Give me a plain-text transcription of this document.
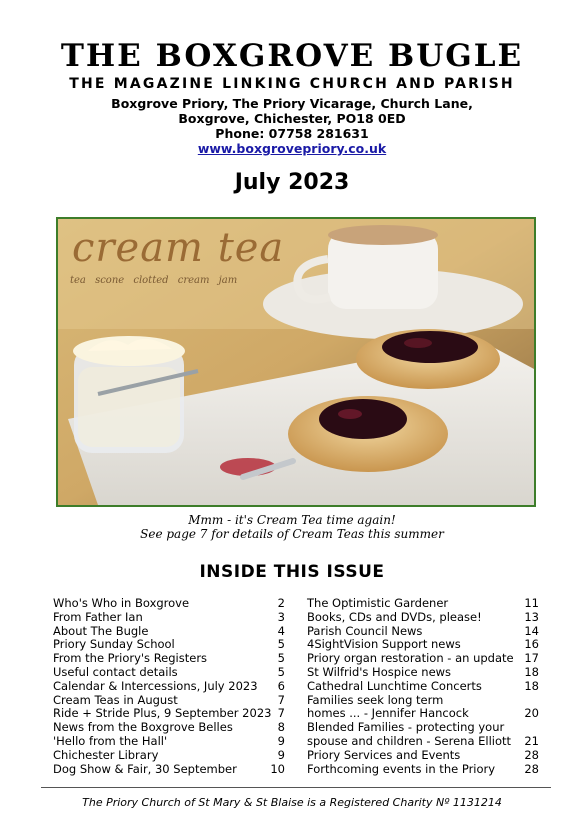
THE BOXGROVE BUGLE
THE MAGAZINE LINKING CHURCH AND PARISH
Boxgrove Priory, The Priory Vicarage, Church Lane,
Boxgrove, Chichester, PO18 0ED
Phone: 07758 281631
www.boxgrovepriory.co.uk
July 2023
cream tea
tea scone clotted cream jam
Mmm - it's Cream Tea time again!
See page 7 for details of Cream Teas this summer
INSIDE THIS ISSUE
Who's Who in Boxgrove	2
From Father Ian	3
About The Bugle	4
Priory Sunday School	5
From the Priory's Registers	5
Useful contact details	5
Calendar & Intercessions, July 2023 6
Cream Teas in August	7
Ride + Stride Plus, 9 September 2023 7
News from the Boxgrove Belles	8
'Hello from the Hall'	9
Chichester Library	9
Dog Show & Fair, 30 September	10
The Optimistic Gardener	11
Books, CDs and DVDs, please!	13
Parish Council News	14
4SightVision Support news	16
Priory organ restoration - an update 17
St Wilfrid's Hospice news	18
Cathedral Lunchtime Concerts	18
Families seek long term
homes ... - Jennifer Hancock	20
Blended Families - protecting your
spouse and children - Serena Elliott 21
Priory Services and Events	28
Forthcoming events in the Priory	28
The Priory Church of St Mary & St Blaise is a Registered Charity Nº 1131214
